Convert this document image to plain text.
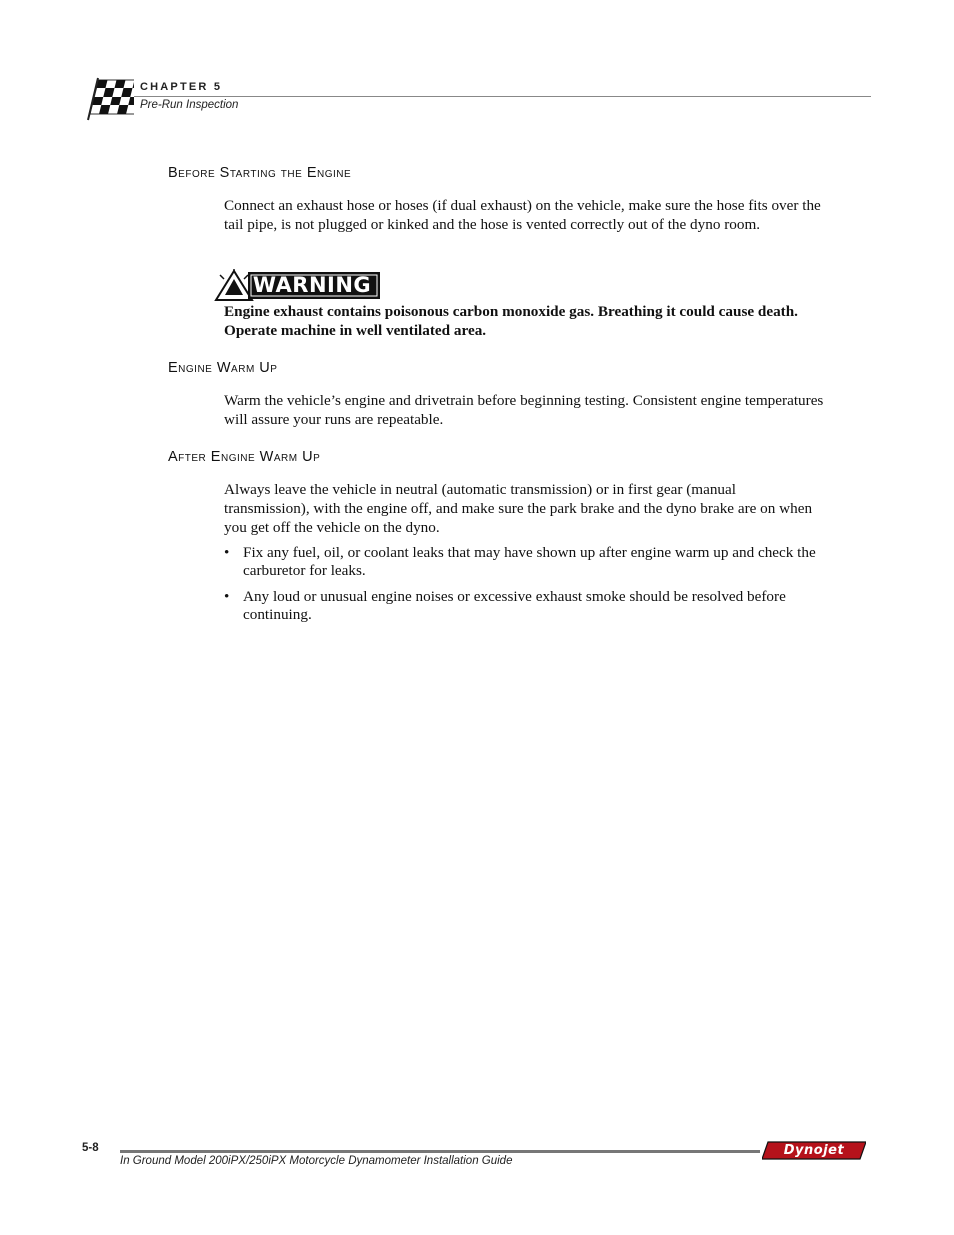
CHAPTER 5
Pre-Run Inspection
Before Starting the Engine
Connect an exhaust hose or hoses (if dual exhaust) on the vehicle, make sure the hose fits over the tail pipe, is not plugged or kinked and the hose is vented correctly out of the dyno room.
WARNING
Engine exhaust contains poisonous carbon monoxide gas. Breathing it could cause death. Operate machine in well ventilated area.
Engine Warm Up
Warm the vehicle’s engine and drivetrain before beginning testing. Consistent engine temperatures will assure your runs are repeatable.
After Engine Warm Up
Always leave the vehicle in neutral (automatic transmission) or in first gear (manual transmission), with the engine off, and make sure the park brake and the dyno brake are on when you get off the vehicle on the dyno.
• Fix any fuel, oil, or coolant leaks that may have shown up after engine warm up and check the carburetor for leaks.
• Any loud or unusual engine noises or excessive exhaust smoke should be resolved before continuing.
5-8
In Ground Model 200iPX/250iPX Motorcycle Dynamometer Installation Guide
Dynojet
